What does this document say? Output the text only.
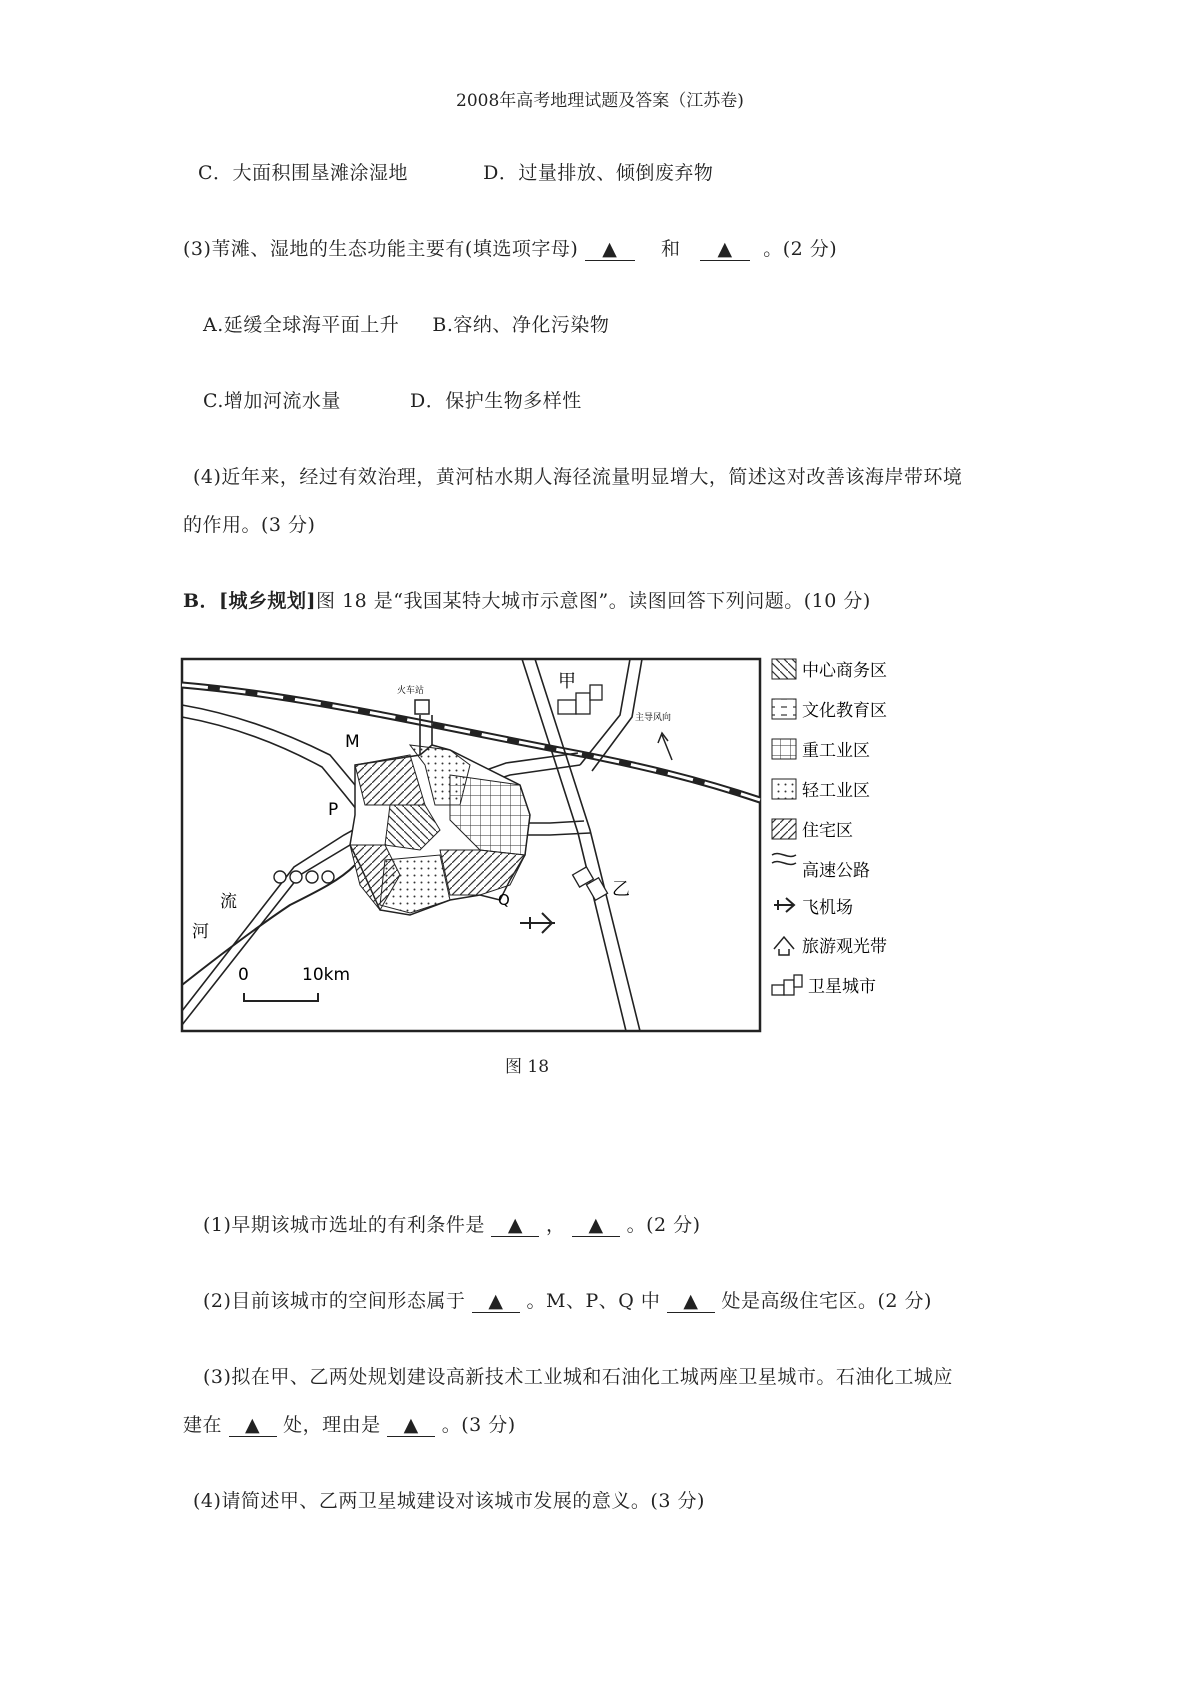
2008年高考地理试题及答案（江苏卷)
C．大面积围垦滩涂湿地	D．过量排放、倾倒废弃物
(3)苇滩、湿地的生态功能主要有(填选项字母) ▲ 和 ▲ 。(2 分)
A.延缓全球海平面上升 B.容纳、净化污染物
C.增加河流水量	D．保护生物多样性
(4)近年来，经过有效治理，黄河枯水期人海径流量明显增大，简述这对改善该海岸带环境
的作用。(3 分)
B．[城乡规划]图 18 是“我国某特大城市示意图”。读图回答下列问题。(10 分)
火车站
河
流
甲
乙
M
P
Q
主导风向
0	10km
中心商务区
文化教育区
重工业区
轻工业区
住宅区
高速公路
飞机场
旅游观光带
卫星城市
图 18
(1)早期该城市选址的有利条件是 ▲ ， ▲ 。(2 分)
(2)目前该城市的空间形态属于 ▲ 。M、P、Q 中 ▲ 处是高级住宅区。(2 分)
(3)拟在甲、乙两处规划建设高新技术工业城和石油化工城两座卫星城市。石油化工城应
建在 ▲ 处，理由是 ▲ 。(3 分)
(4)请简述甲、乙两卫星城建设对该城市发展的意义。(3 分)
